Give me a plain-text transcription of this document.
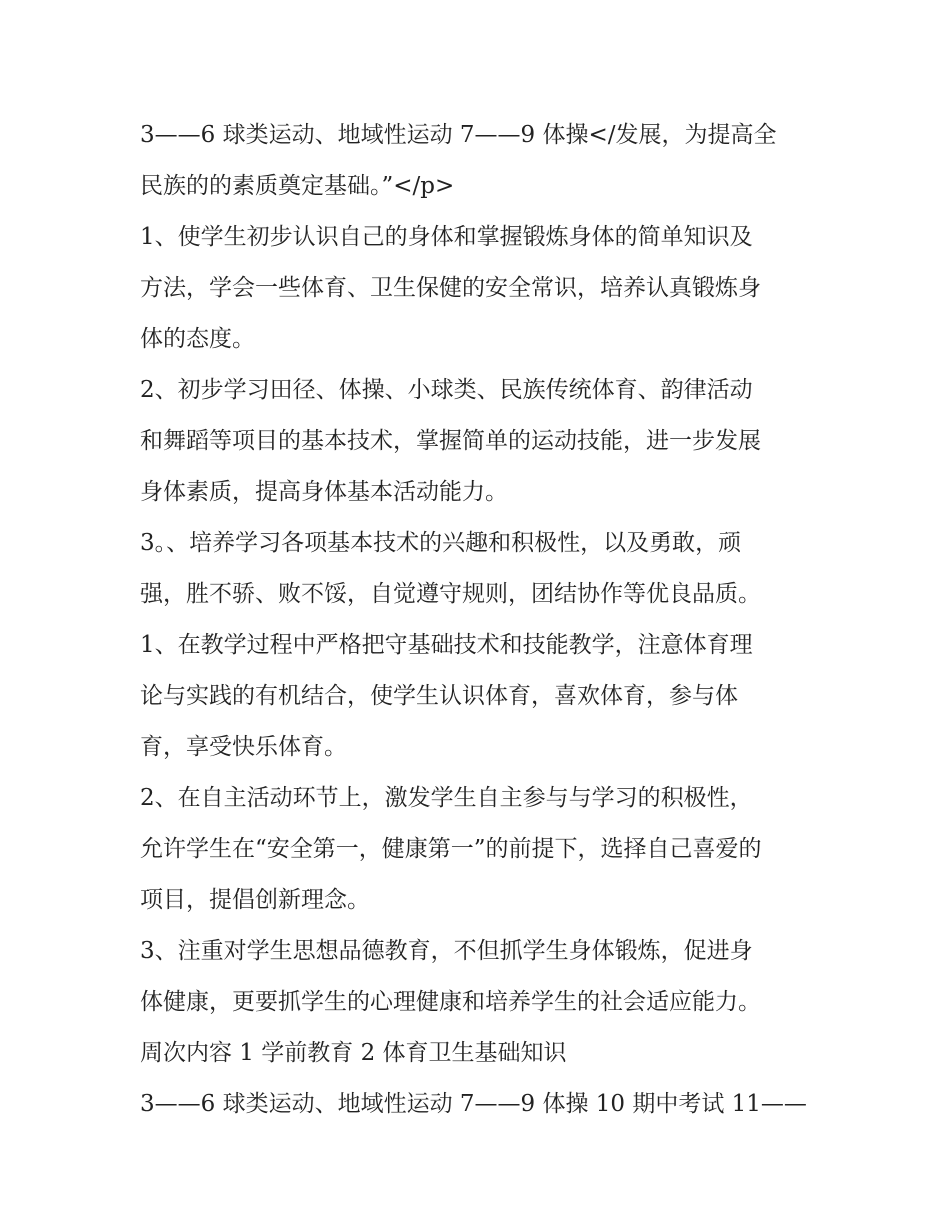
3——6 球类运动、地域性运动 7——9 体操</发展，为提高全
民族的的素质奠定基础。”</p>
1、使学生初步认识自己的身体和掌握锻炼身体的简单知识及
方法，学会一些体育、卫生保健的安全常识，培养认真锻炼身
体的态度。
2、初步学习田径、体操、小球类、民族传统体育、韵律活动
和舞蹈等项目的基本技术，掌握简单的运动技能，进一步发展
身体素质，提高身体基本活动能力。
3。、培养学习各项基本技术的兴趣和积极性，以及勇敢，顽
强，胜不骄、败不馁，自觉遵守规则，团结协作等优良品质。
1、在教学过程中严格把守基础技术和技能教学，注意体育理
论与实践的有机结合，使学生认识体育，喜欢体育，参与体
育，享受快乐体育。
2、在自主活动环节上，激发学生自主参与与学习的积极性，
允许学生在“安全第一，健康第一”的前提下，选择自己喜爱的
项目，提倡创新理念。
3、注重对学生思想品德教育，不但抓学生身体锻炼，促进身
体健康，更要抓学生的心理健康和培养学生的社会适应能力。
周次内容 1 学前教育 2 体育卫生基础知识
3——6 球类运动、地域性运动 7——9 体操 10 期中考试 11——
